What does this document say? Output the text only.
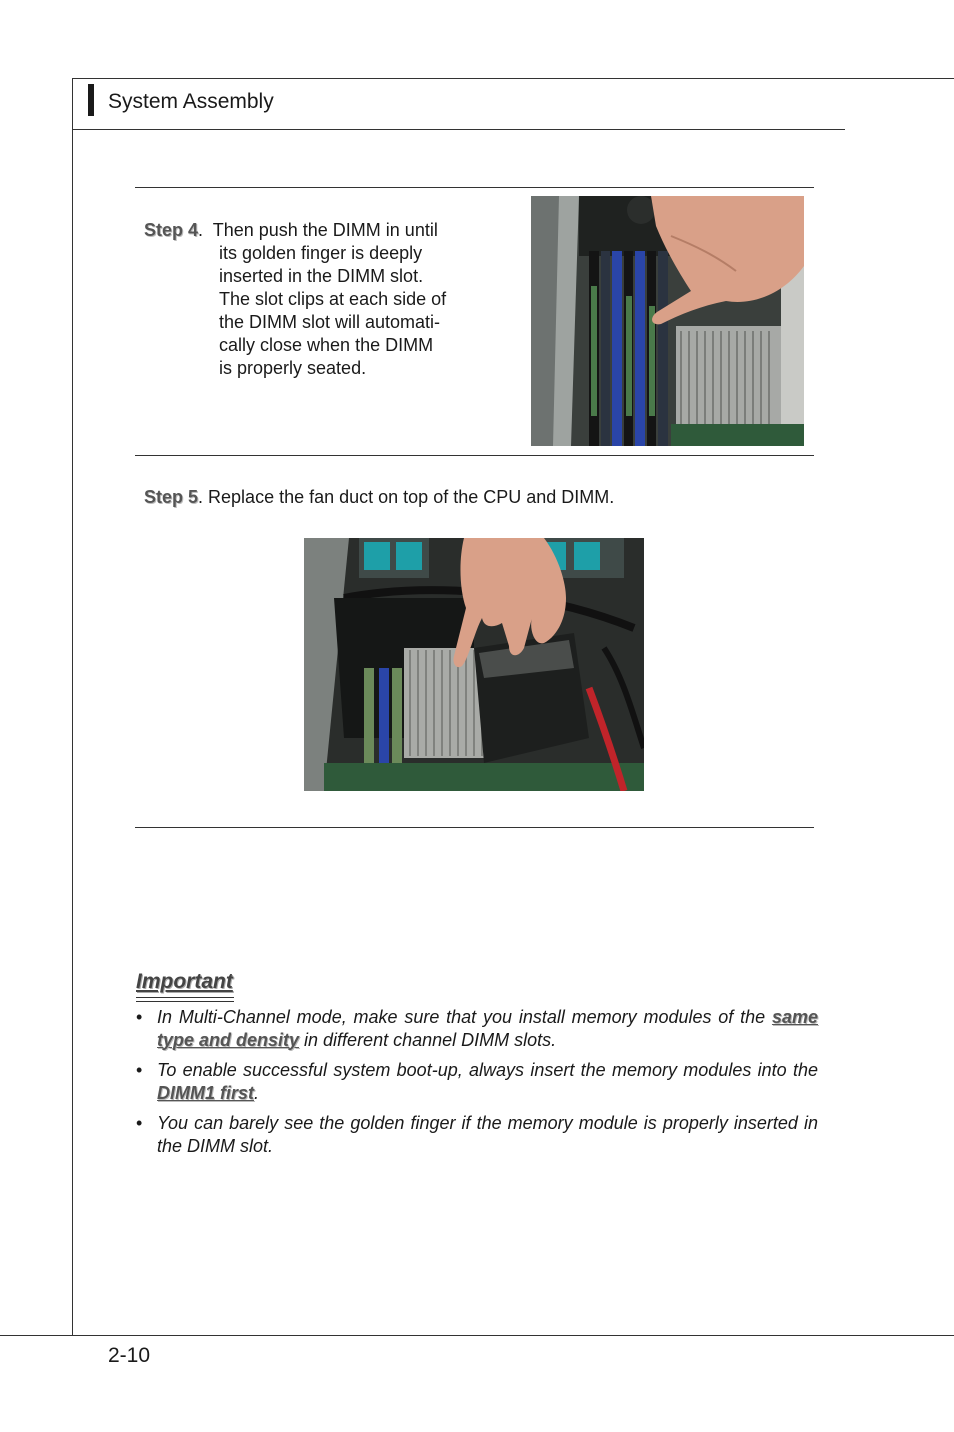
System Assembly
Step 4.  Then push the DIMM in until
its golden finger is deeply
inserted in the DIMM slot.
The slot clips at each side of
the DIMM slot will automati-
cally close when the DIMM
is properly seated.
Step 5. Replace the fan duct on top of the CPU and DIMM.
Important
• In Multi-Channel mode, make sure that you install memory modules of the same type and density in different channel DIMM slots.
• To enable successful system boot-up, always insert the memory modules into the DIMM1 first.
• You can barely see the golden finger if the memory module is properly inserted in the DIMM slot.
2-10
